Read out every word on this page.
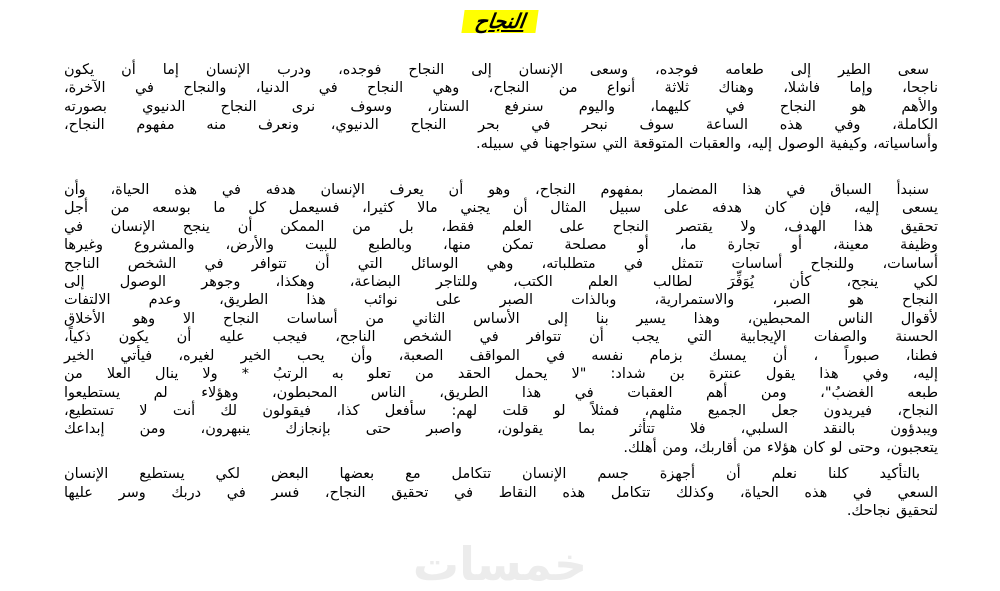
النجاح
سعى الطير إلى طعامه فوجده، وسعى الإنسان إلى النجاح فوجده، ودرب الإنسان إما أن يكون
ناجحا، وإما فاشلا، وهناك ثلاثة أنواع من النجاح، وهي النجاح في الدنيا، والنجاح في الآخرة،
والأهم هو النجاح في كليهما، واليوم سنرفع الستار، وسوف نرى النجاح الدنيوي بصورته
الكاملة، وفي هذه الساعة سوف نبحر في بحر النجاح الدنيوي، ونعرف منه مفهوم النجاح،
وأساسياته، وكيفية الوصول إليه، والعقبات المتوقعة التي ستواجهنا في سبيله.
سنبدأ السباق في هذا المضمار بمفهوم النجاح، وهو أن يعرف الإنسان هدفه في هذه الحياة، وأن
يسعى إليه، فإن كان هدفه على سبيل المثال أن يجني مالا كثيرا، فسيعمل كل ما بوسعه من أجل
تحقيق هذا الهدف، ولا يقتصر النجاح على العلم فقط، بل من الممكن أن ينجح الإنسان في
وظيفة معينة، أو تجارة ما، أو مصلحة تمكن منها، وبالطبع للبيت والأرض، والمشروع وغيرها
أساسات، وللنجاح أساسات تتمثل في متطلباته، وهي الوسائل التي أن تتوافر في الشخص الناجح
لكي ينجح، كأن يُوَفِّرَ لطالب العلم الكتب، وللتاجر البضاعة، وهكذا، وجوهر الوصول إلى
النجاح هو الصبر، والاستمرارية، وبالذات الصبر على نوائب هذا الطريق، وعدم الالتفات
لأقوال الناس المحبطين، وهذا يسير بنا إلى الأساس الثاني من أساسات النجاح الا وهو الأخلاق
الحسنة والصفات الإيجابية التي يجب أن تتوافر في الشخص الناجح، فيجب عليه أن يكون ذكياً،
فطنا، صبوراً ، أن يمسك بزمام نفسه في المواقف الصعبة، وأن يحب الخير لغيره، فيأتي الخير
إليه، وفي هذا يقول عنترة بن شداد: "لا يحمل الحقد من تعلو به الرتبُ * ولا ينال العلا من
طبعه الغضبُ"، ومن أهم العقبات في هذا الطريق، الناس المحبطون، وهؤلاء لم يستطيعوا
النجاح، فيريدون جعل الجميع مثلهم، فمثلاً لو قلت لهم: سأفعل كذا، فيقولون لك أنت لا تستطيع،
ويبدؤون بالنقد السلبي، فلا تتأثر بما يقولون، واصبر حتى بإنجازك ينبهرون، ومن إبداعك
يتعجبون، وحتى لو كان هؤلاء من أقاربك، ومن أهلك.
بالتأكيد كلنا نعلم أن أجهزة جسم الإنسان تتكامل مع بعضها البعض لكي يستطيع الإنسان
السعي في هذه الحياة، وكذلك تتكامل هذه النقاط في تحقيق النجاح، فسر في دربك وسر عليها
لتحقيق نجاحك.
خمسات
